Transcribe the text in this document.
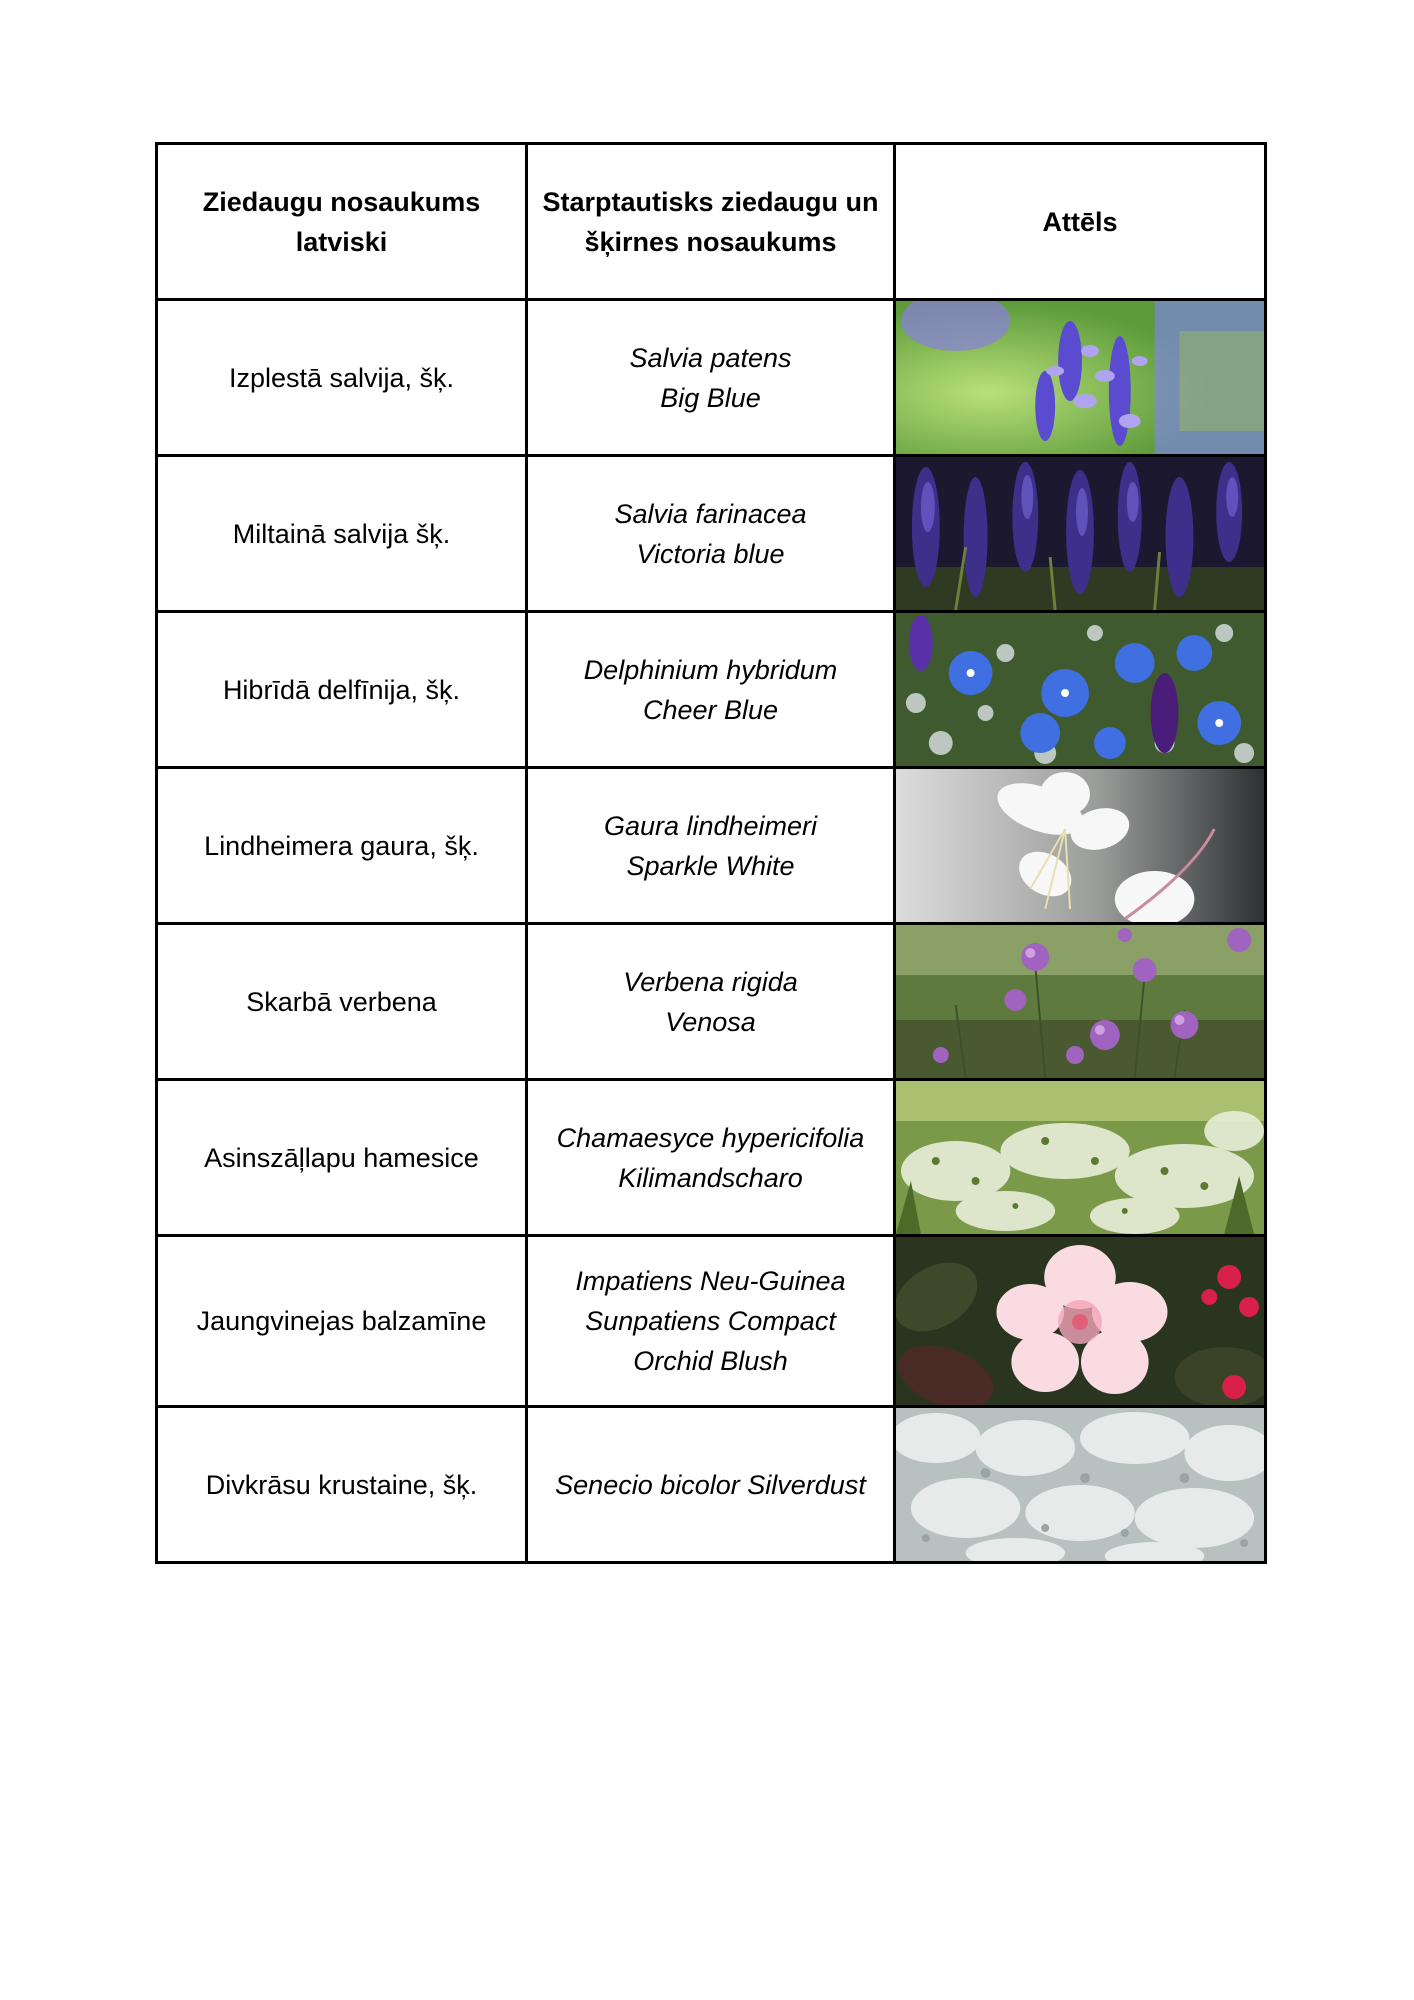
Ziedaugu nosaukums latviski	Starptautisks ziedaugu un šķirnes nosaukums	Attēls
Izplestā salvija, šķ.	Salvia patens
Big Blue	

Miltainā salvija šķ.	Salvia farinacea
Victoria blue	

Hibrīdā delfīnija, šķ.	Delphinium hybridum
Cheer Blue	

Lindheimera gaura, šķ.	Gaura lindheimeri
Sparkle White	

Skarbā verbena	Verbena rigida
Venosa	

Asinszāļlapu hamesice	Chamaesyce hypericifolia
Kilimandscharo	

Jaungvinejas balzamīne	Impatiens Neu-Guinea
Sunpatiens Compact
Orchid Blush	

Divkrāsu krustaine, šķ.	Senecio bicolor Silverdust	
